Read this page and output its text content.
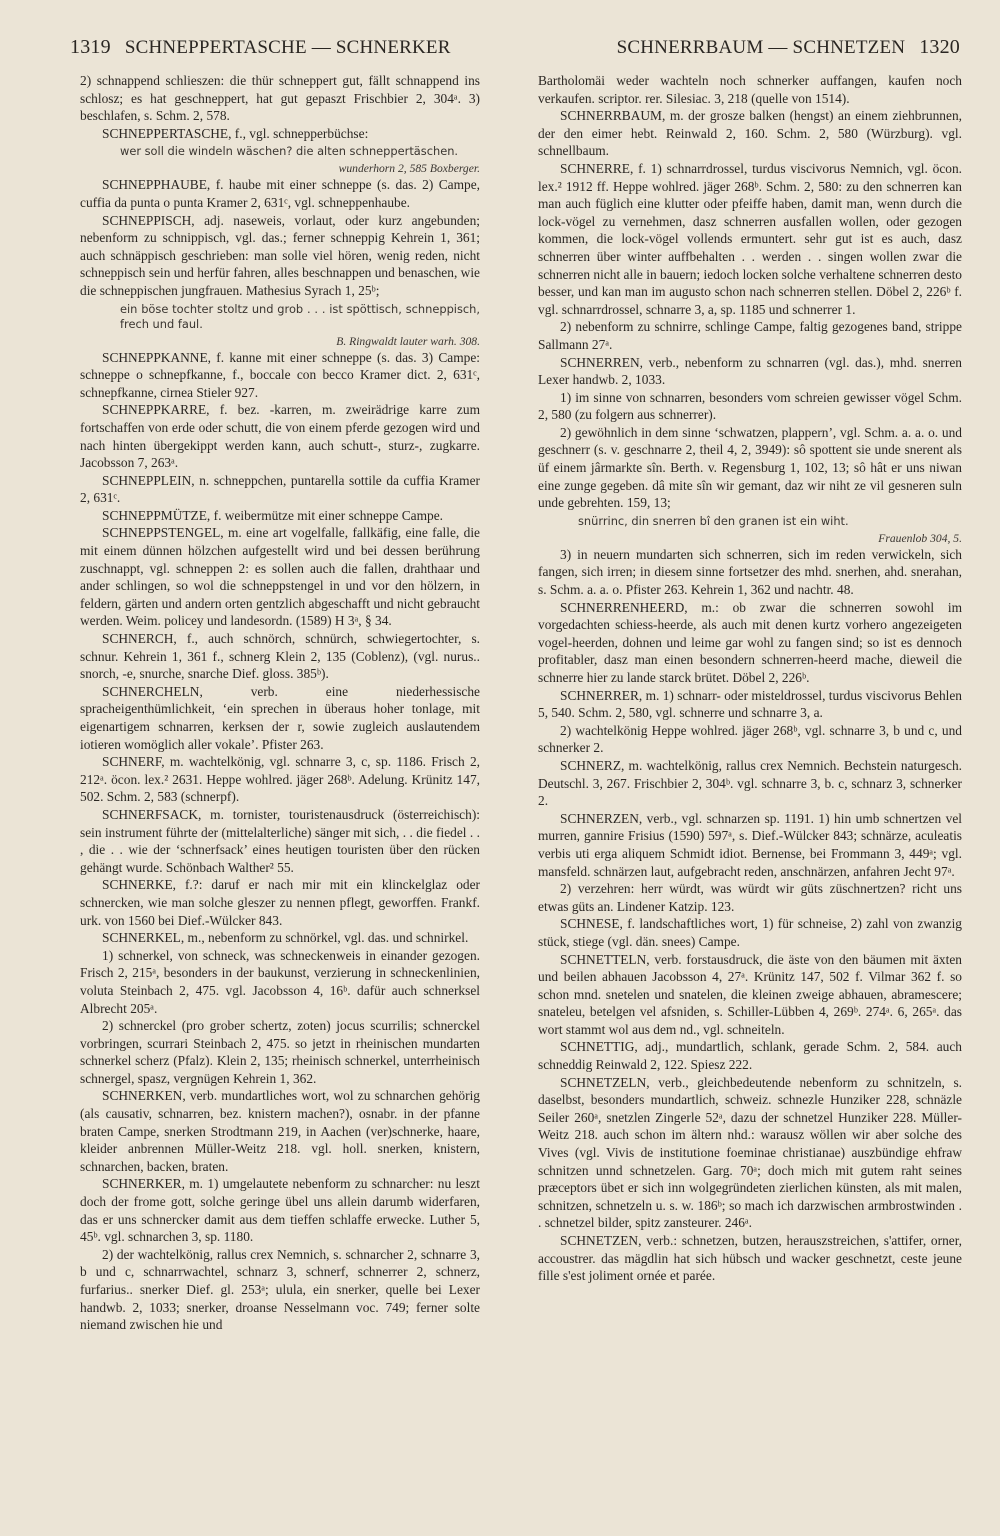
1319 SCHNEPPERTASCHE — SCHNERKER	SCHNERRBAUM — SCHNETZEN 1320

2) schnappend schlieszen: die thür schneppert gut, fällt schnappend ins schlosz; es hat geschneppert, hat gut gepaszt Frischbier 2, 304ᵃ. 3) beschlafen, s. Schm. 2, 578.

SCHNEPPERTASCHE, f., vgl. schnepperbüchse:

wer soll die windeln wäschen? die alten schneppertäschen.

wunderhorn 2, 585 Boxberger.

SCHNEPPHAUBE, f. haube mit einer schneppe (s. das. 2) Campe, cuffia da punta o punta Kramer 2, 631ᶜ, vgl. schneppenhaube.

SCHNEPPISCH, adj. naseweis, vorlaut, oder kurz angebunden; nebenform zu schnippisch, vgl. das.; ferner schneppig Kehrein 1, 361; auch schnäppisch geschrieben: man solle viel hören, wenig reden, nicht schneppisch sein und herfür fahren, alles beschnappen und benaschen, wie die schneppischen jungfrauen. Mathesius Syrach 1, 25ᵇ;

ein böse tochter stoltz und grob . . . ist spöttisch, schneppisch, frech und faul.

B. Ringwaldt lauter warh. 308.

SCHNEPPKANNE, f. kanne mit einer schneppe (s. das. 3) Campe: schneppe o schnepfkanne, f., boccale con becco Kramer dict. 2, 631ᶜ, schnepfkanne, cirnea Stieler 927.

SCHNEPPKARRE, f. bez. -karren, m. zweirädrige karre zum fortschaffen von erde oder schutt, die von einem pferde gezogen wird und nach hinten übergekippt werden kann, auch schutt-, sturz-, zugkarre. Jacobsson 7, 263ᵃ.

SCHNEPPLEIN, n. schneppchen, puntarella sottile da cuffia Kramer 2, 631ᶜ.

SCHNEPPMÜTZE, f. weibermütze mit einer schneppe Campe.

SCHNEPPSTENGEL, m. eine art vogelfalle, fallkäfig, eine falle, die mit einem dünnen hölzchen aufgestellt wird und bei dessen berührung zuschnappt, vgl. schneppen 2: es sollen auch die fallen, drahthaar und ander schlingen, so wol die schneppstengel in und vor den hölzern, in feldern, gärten und andern orten gentzlich abgeschafft und nicht gebraucht werden. Weim. policey und landesordn. (1589) H 3ᵃ, § 34.

SCHNERCH, f., auch schnörch, schnürch, schwiegertochter, s. schnur. Kehrein 1, 361 f., schnerg Klein 2, 135 (Coblenz), (vgl. nurus.. snorch, -e, snurche, snarche Dief. gloss. 385ᵇ).

SCHNERCHELN, verb. eine niederhessische spracheigenthümlichkeit, ‘ein sprechen in überaus hoher tonlage, mit eigenartigem schnarren, kerksen der r, sowie zugleich auslautendem iotieren womöglich aller vokale’. Pfister 263.

SCHNERF, m. wachtelkönig, vgl. schnarre 3, c, sp. 1186. Frisch 2, 212ᵃ. öcon. lex.² 2631. Heppe wohlred. jäger 268ᵇ. Adelung. Krünitz 147, 502. Schm. 2, 583 (schnerpf).

SCHNERFSACK, m. tornister, touristenausdruck (österreichisch): sein instrument führte der (mittelalterliche) sänger mit sich, . . die fiedel . . , die . . wie der ‘schnerfsack’ eines heutigen touristen über den rücken gehängt wurde. Schönbach Walther² 55.

SCHNERKE, f.?: daruf er nach mir mit ein klinckelglaz oder schnercken, wie man solche gleszer zu nennen pflegt, geworffen. Frankf. urk. von 1560 bei Dief.-Wülcker 843.

SCHNERKEL, m., nebenform zu schnörkel, vgl. das. und schnirkel.

1) schnerkel, von schneck, was schneckenweis in einander gezogen. Frisch 2, 215ᵃ, besonders in der baukunst, verzierung in schneckenlinien, voluta Steinbach 2, 475. vgl. Jacobsson 4, 16ᵇ. dafür auch schnerksel Albrecht 205ᵃ.

2) schnerckel (pro grober schertz, zoten) jocus scurrilis; schnerckel vorbringen, scurrari Steinbach 2, 475. so jetzt in rheinischen mundarten schnerkel scherz (Pfalz). Klein 2, 135; rheinisch schnerkel, unterrheinisch schnergel, spasz, vergnügen Kehrein 1, 362.

SCHNERKEN, verb. mundartliches wort, wol zu schnarchen gehörig (als causativ, schnarren, bez. knistern machen?), osnabr. in der pfanne braten Campe, snerken Strodtmann 219, in Aachen (ver)schnerke, haare, kleider anbrennen Müller-Weitz 218. vgl. holl. snerken, knistern, schnarchen, backen, braten.

SCHNERKER, m. 1) umgelautete nebenform zu schnarcher: nu leszt doch der frome gott, solche geringe übel uns allein darumb widerfaren, das er uns schnercker damit aus dem tieffen schlaffe erwecke. Luther 5, 45ᵇ. vgl. schnarchen 3, sp. 1180.

2) der wachtelkönig, rallus crex Nemnich, s. schnarcher 2, schnarre 3, b und c, schnarrwachtel, schnarz 3, schnerf, schnerrer 2, schnerz, furfarius.. snerker Dief. gl. 253ᵃ; ulula, ein snerker, quelle bei Lexer handwb. 2, 1033; snerker, droanse Nesselmann voc. 749; ferner solte niemand zwischen hie und

Bartholomäi weder wachteln noch schnerker auffangen, kaufen noch verkaufen. scriptor. rer. Silesiac. 3, 218 (quelle von 1514).

SCHNERRBAUM, m. der grosze balken (hengst) an einem ziehbrunnen, der den eimer hebt. Reinwald 2, 160. Schm. 2, 580 (Würzburg). vgl. schnellbaum.

SCHNERRE, f. 1) schnarrdrossel, turdus viscivorus Nemnich, vgl. öcon. lex.² 1912 ff. Heppe wohlred. jäger 268ᵇ. Schm. 2, 580: zu den schnerren kan man auch füglich eine klutter oder pfeiffe haben, damit man, wenn durch die lock-vögel zu vernehmen, dasz schnerren ausfallen wollen, oder gezogen kommen, die lock-vögel vollends ermuntert. sehr gut ist es auch, dasz schnerren über winter auffbehalten . . werden . . singen wollen zwar die schnerren nicht alle in bauern; iedoch locken solche verhaltene schnerren desto besser, und kan man im augusto schon nach schnerren stellen. Döbel 2, 226ᵇ f. vgl. schnarrdrossel, schnarre 3, a, sp. 1185 und schnerrer 1.

2) nebenform zu schnirre, schlinge Campe, faltig gezogenes band, strippe Sallmann 27ᵃ.

SCHNERREN, verb., nebenform zu schnarren (vgl. das.), mhd. snerren Lexer handwb. 2, 1033.

1) im sinne von schnarren, besonders vom schreien gewisser vögel Schm. 2, 580 (zu folgern aus schnerrer).

2) gewöhnlich in dem sinne ‘schwatzen, plappern’, vgl. Schm. a. a. o. und geschnerr (s. v. geschnarre 2, theil 4, 2, 3949): sô spottent sie unde snerent als üf einem jârmarkte sîn. Berth. v. Regensburg 1, 102, 13; sô hât er uns niwan eine zunge gegeben. dâ mite sîn wir gemant, daz wir niht ze vil gesneren suln unde gebrehten. 159, 13;

snürrinc, din snerren bî den granen ist ein wiht.

Frauenlob 304, 5.

3) in neuern mundarten sich schnerren, sich im reden verwickeln, sich fangen, sich irren; in diesem sinne fortsetzer des mhd. snerhen, ahd. snerahan, s. Schm. a. a. o. Pfister 263. Kehrein 1, 362 und nachtr. 48.

SCHNERRENHEERD, m.: ob zwar die schnerren sowohl im vorgedachten schiess-heerde, als auch mit denen kurtz vorhero angezeigeten vogel-heerden, dohnen und leime gar wohl zu fangen sind; so ist es dennoch profitabler, dasz man einen besondern schnerren-heerd mache, dieweil die schnerre hier zu lande starck brütet. Döbel 2, 226ᵇ.

SCHNERRER, m. 1) schnarr- oder misteldrossel, turdus viscivorus Behlen 5, 540. Schm. 2, 580, vgl. schnerre und schnarre 3, a.

2) wachtelkönig Heppe wohlred. jäger 268ᵇ, vgl. schnarre 3, b und c, und schnerker 2.

SCHNERZ, m. wachtelkönig, rallus crex Nemnich. Bechstein naturgesch. Deutschl. 3, 267. Frischbier 2, 304ᵇ. vgl. schnarre 3, b. c, schnarz 3, schnerker 2.

SCHNERZEN, verb., vgl. schnarzen sp. 1191. 1) hin umb schnertzen vel murren, gannire Frisius (1590) 597ᵃ, s. Dief.-Wülcker 843; schnärze, aculeatis verbis uti erga aliquem Schmidt idiot. Bernense, bei Frommann 3, 449ᵃ; vgl. mansfeld. schnärzen laut, aufgebracht reden, anschnärzen, anfahren Jecht 97ᵃ.

2) verzehren: herr würdt, was würdt wir güts züschnertzen? richt uns etwas güts an. Lindener Katzip. 123.

SCHNESE, f. landschaftliches wort, 1) für schneise, 2) zahl von zwanzig stück, stiege (vgl. dän. snees) Campe.

SCHNETTELN, verb. forstausdruck, die äste von den bäumen mit äxten und beilen abhauen Jacobsson 4, 27ᵃ. Krünitz 147, 502 f. Vilmar 362 f. so schon mnd. snetelen und snatelen, die kleinen zweige abhauen, abramescere; snateleu, betelgen vel afsniden, s. Schiller-Lübben 4, 269ᵇ. 274ᵃ. 6, 265ᵃ. das wort stammt wol aus dem nd., vgl. schneiteln.

SCHNETTIG, adj., mundartlich, schlank, gerade Schm. 2, 584. auch schneddig Reinwald 2, 122. Spiesz 222.

SCHNETZELN, verb., gleichbedeutende nebenform zu schnitzeln, s. daselbst, besonders mundartlich, schweiz. schnezle Hunziker 228, schnäzle Seiler 260ᵃ, snetzlen Zingerle 52ᵃ, dazu der schnetzel Hunziker 228. Müller-Weitz 218. auch schon im ältern nhd.: warausz wöllen wir aber solche des Vives (vgl. Vivis de institutione foeminae christianae) auszbündige ehfraw schnitzen unnd schnetzelen. Garg. 70ᵃ; doch mich mit gutem raht seines præceptors übet er sich inn wolgegründeten zierlichen künsten, als mit malen, schnitzen, schnetzeln u. s. w. 186ᵇ; so mach ich darzwischen armbrostwinden . . schnetzel bilder, spitz zansteurer. 246ᵃ.

SCHNETZEN, verb.: schnetzen, butzen, herauszstreichen, s'attifer, orner, accoustrer. das mägdlin hat sich hübsch und wacker geschnetzt, ceste jeune fille s'est joliment ornée et parée.
